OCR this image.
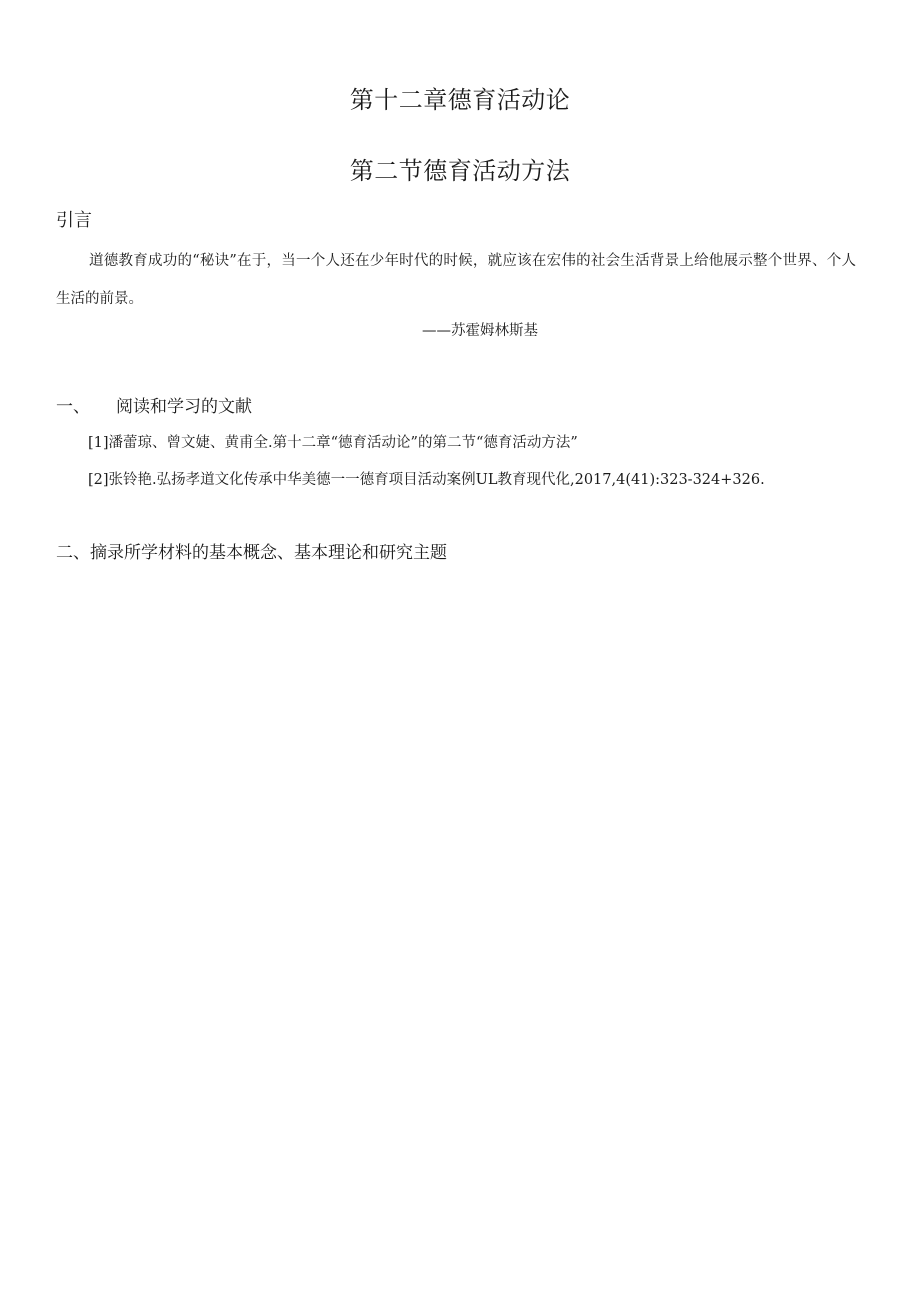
第十二章德育活动论
第二节德育活动方法
引言
道德教育成功的“秘诀”在于，当一个人还在少年时代的时候，就应该在宏伟的社会生活背景上给他展示整个世界、个人生活的前景。
——苏霍姆林斯基
一、 阅读和学习的文献
[1]潘蕾琼、曾文婕、黄甫全.第十二章“德育活动论”的第二节“德育活动方法”
[2]张铃艳.弘扬孝道文化传承中华美德一一德育项目活动案例UL教育现代化,2017,4(41):323-324+326.
二、摘录所学材料的基本概念、基本理论和研究主题
